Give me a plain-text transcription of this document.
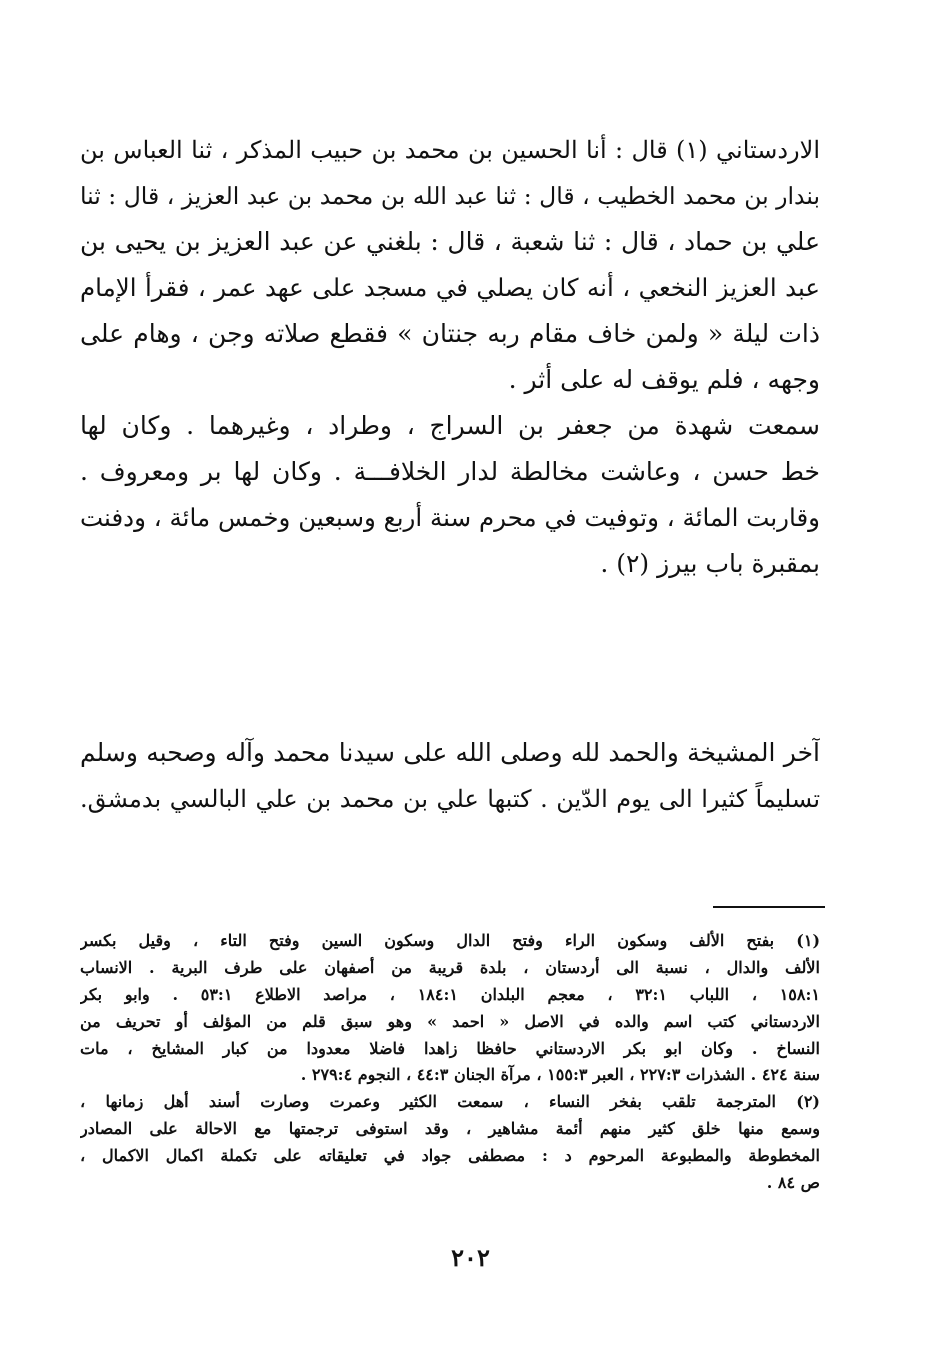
الاردستاني (١) قال : أنا الحسين بن محمد بن حبيب المذكر ، ثنا العباس بن
بندار بن محمد الخطيب ، قال : ثنا عبد الله بن محمد بن عبد العزيز ، قال : ثنا
علي بن حماد ، قال : ثنا شعبة ، قال : بلغني عن عبد العزيز بن يحيى بن
عبد العزيز النخعي ، أنه كان يصلي في مسجد على عهد عمر ، فقرأ الإمام
ذات ليلة « ولمن خاف مقام ربه جنتان » فقطع صلاته وجن ، وهام على
وجهه ، فلم يوقف له على أثر .
سمعت شهدة من جعفر بن السراج ، وطراد ، وغيرهما . وكان لها
خط حسن ، وعاشت مخالطة لدار الخلافـــة . وكان لها بر ومعروف .
وقاربت المائة ، وتوفيت في محرم سنة أربع وسبعين وخمس مائة ، ودفنت
بمقبرة باب بيرز (٢) .
آخر المشيخة والحمد لله وصلى الله على سيدنا محمد وآله وصحبه وسلم
تسليماً كثيرا الى يوم الدّين . كتبها علي بن محمد بن علي البالسي بدمشق.
(١) بفتح الألف وسكون الراء وفتح الدال وسكون السين وفتح التاء ، وقيل بكسر
الألف والدال ، نسبة الى أردستان ، بلدة قريبة من أصفهان على طرف البرية . الانساب
١٥٨:١ ، اللباب ٣٢:١ ، معجم البلدان ١٨٤:١ ، مراصد الاطلاع ٥٣:١ . وابو بكر
الاردستاني كتب اسم والده في الاصل « احمد » وهو سبق قلم من المؤلف أو تحريف من
النساخ . وكان ابو بكر الاردستاني حافظا زاهدا فاضلا معدودا من كبار المشايخ ، مات
سنة ٤٢٤ . الشذرات ٢٢٧:٣ ، العبر ١٥٥:٣ ، مرآة الجنان ٤٤:٣ ، النجوم ٢٧٩:٤ .
(٢) المترجمة تلقب بفخر النساء ، سمعت الكثير وعمرت وصارت أسند أهل زمانها ،
وسمع منها خلق كثير منهم أئمة مشاهير ، وقد استوفى ترجمتها مع الاحالة على المصادر
المخطوطة والمطبوعة المرحوم د : مصطفى جواد في تعليقاته على تكملة اكمال الاكمال ،
ص ٨٤ .
٢٠٢
